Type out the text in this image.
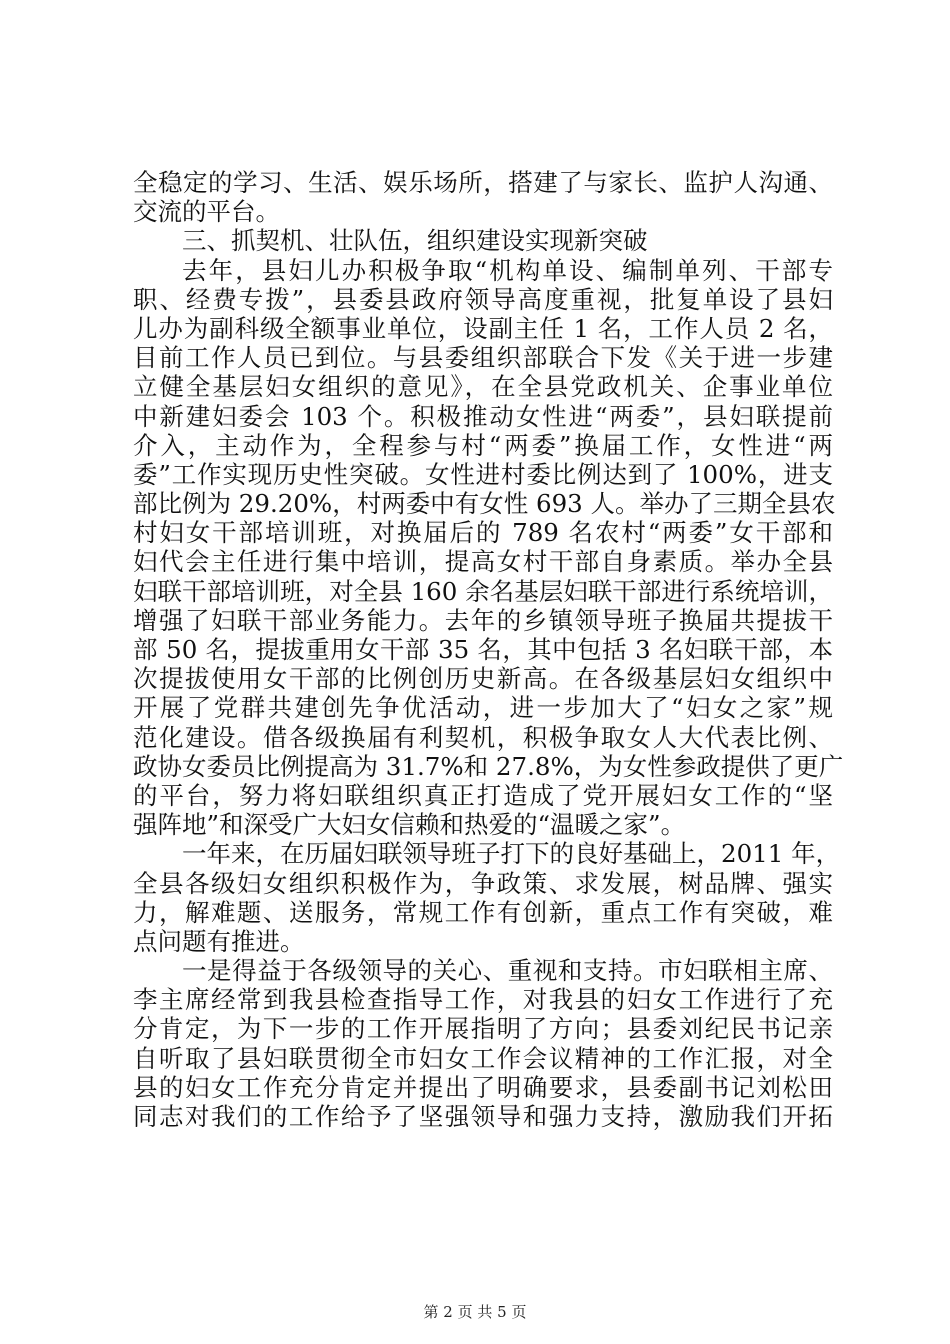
全稳定的学习、生活、娱乐场所，搭建了与家长、监护人沟通、
交流的平台。
三、抓契机、壮队伍，组织建设实现新突破
去年，县妇儿办积极争取“机构单设、编制单列、干部专
职、经费专拨”，县委县政府领导高度重视，批复单设了县妇
儿办为副科级全额事业单位，设副主任 1 名，工作人员 2 名，
目前工作人员已到位。与县委组织部联合下发《关于进一步建
立健全基层妇女组织的意见》，在全县党政机关、企事业单位
中新建妇委会 103 个。积极推动女性进“两委”，县妇联提前
介入，主动作为，全程参与村“两委”换届工作，女性进“两
委”工作实现历史性突破。女性进村委比例达到了 100%，进支
部比例为 29.20%，村两委中有女性 693 人。举办了三期全县农
村妇女干部培训班，对换届后的 789 名农村“两委”女干部和
妇代会主任进行集中培训，提高女村干部自身素质。举办全县
妇联干部培训班，对全县 160 余名基层妇联干部进行系统培训，
增强了妇联干部业务能力。去年的乡镇领导班子换届共提拔干
部 50 名，提拔重用女干部 35 名，其中包括 3 名妇联干部，本
次提拔使用女干部的比例创历史新高。在各级基层妇女组织中
开展了党群共建创先争优活动，进一步加大了“妇女之家”规
范化建设。借各级换届有利契机，积极争取女人大代表比例、
政协女委员比例提高为 31.7%和 27.8%，为女性参政提供了更广
的平台，努力将妇联组织真正打造成了党开展妇女工作的“坚
强阵地”和深受广大妇女信赖和热爱的“温暖之家”。
一年来，在历届妇联领导班子打下的良好基础上，2011 年，
全县各级妇女组织积极作为，争政策、求发展，树品牌、强实
力，解难题、送服务，常规工作有创新，重点工作有突破，难
点问题有推进。
一是得益于各级领导的关心、重视和支持。市妇联相主席、
李主席经常到我县检查指导工作，对我县的妇女工作进行了充
分肯定，为下一步的工作开展指明了方向；县委刘纪民书记亲
自听取了县妇联贯彻全市妇女工作会议精神的工作汇报，对全
县的妇女工作充分肯定并提出了明确要求，县委副书记刘松田
同志对我们的工作给予了坚强领导和强力支持，激励我们开拓
第 2 页 共 5 页
